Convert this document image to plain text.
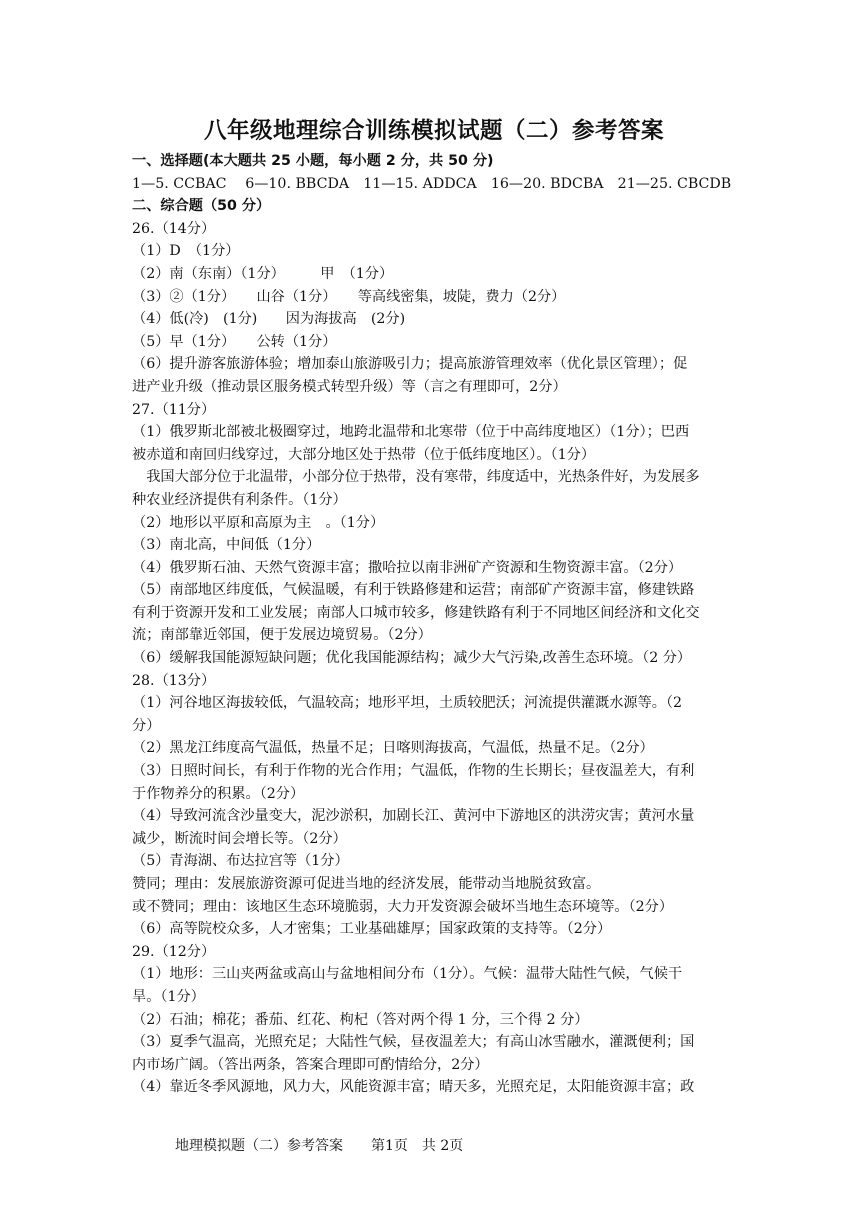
八年级地理综合训练模拟试题（二）参考答案
一、选择题(本大题共 25 小题，每小题 2 分，共 50 分)
1—5. CCBAC　 6—10. BBCDA　11—15. ADDCA　16—20. BDCBA　21—25. CBCDB
二、综合题（50 分）
26.（14分）
（1）D　（1分）
（2）南（东南）（1分）　　　甲　（1分）
（3）②（1分）　　山谷（1分）　　等高线密集，坡陡，费力（2分）
（4）低(冷)　(1分)　　因为海拔高　(2分)
（5）早（1分）　　公转（1分）
（6）提升游客旅游体验；增加泰山旅游吸引力；提高旅游管理效率（优化景区管理）；促
进产业升级（推动景区服务模式转型升级）等（言之有理即可，2分）
27.（11分）
（1）俄罗斯北部被北极圈穿过，地跨北温带和北寒带（位于中高纬度地区）（1分）；巴西
被赤道和南回归线穿过，大部分地区处于热带（位于低纬度地区）。（1分）
　我国大部分位于北温带，小部分位于热带，没有寒带，纬度适中，光热条件好，为发展多
种农业经济提供有利条件。（1分）
（2）地形以平原和高原为主　。（1分）
（3）南北高，中间低（1分）
（4）俄罗斯石油、天然气资源丰富；撒哈拉以南非洲矿产资源和生物资源丰富。（2分）
（5）南部地区纬度低，气候温暖，有利于铁路修建和运营；南部矿产资源丰富，修建铁路
有利于资源开发和工业发展；南部人口城市较多，修建铁路有利于不同地区间经济和文化交
流；南部靠近邻国，便于发展边境贸易。（2分）
（6）缓解我国能源短缺问题；优化我国能源结构；减少大气污染,改善生态环境。（2 分）
28.（13分）
（1）河谷地区海拔较低，气温较高；地形平坦，土质较肥沃；河流提供灌溉水源等。（2
分）
（2）黑龙江纬度高气温低，热量不足；日喀则海拔高，气温低，热量不足。（2分）
（3）日照时间长，有利于作物的光合作用；气温低，作物的生长期长；昼夜温差大，有利
于作物养分的积累。（2分）
（4）导致河流含沙量变大，泥沙淤积，加剧长江、黄河中下游地区的洪涝灾害；黄河水量
减少，断流时间会增长等。（2分）
（5）青海湖、布达拉宫等（1分）
赞同；理由：发展旅游资源可促进当地的经济发展，能带动当地脱贫致富。
或不赞同；理由：该地区生态环境脆弱，大力开发资源会破坏当地生态环境等。（2分）
（6）高等院校众多，人才密集；工业基础雄厚；国家政策的支持等。（2分）
29.（12分）
（1）地形：三山夹两盆或高山与盆地相间分布（1分）。气候：温带大陆性气候，气候干
旱。（1分）
（2）石油；棉花；番茄、红花、枸杞（答对两个得 1 分，三个得 2 分）
（3）夏季气温高，光照充足；大陆性气候，昼夜温差大；有高山冰雪融水，灌溉便利；国
内市场广阔。（答出两条，答案合理即可酌情给分，2分）
（4）靠近冬季风源地，风力大，风能资源丰富；晴天多，光照充足，太阳能资源丰富；政
地理模拟题（二）参考答案　　第1页　共 2页
